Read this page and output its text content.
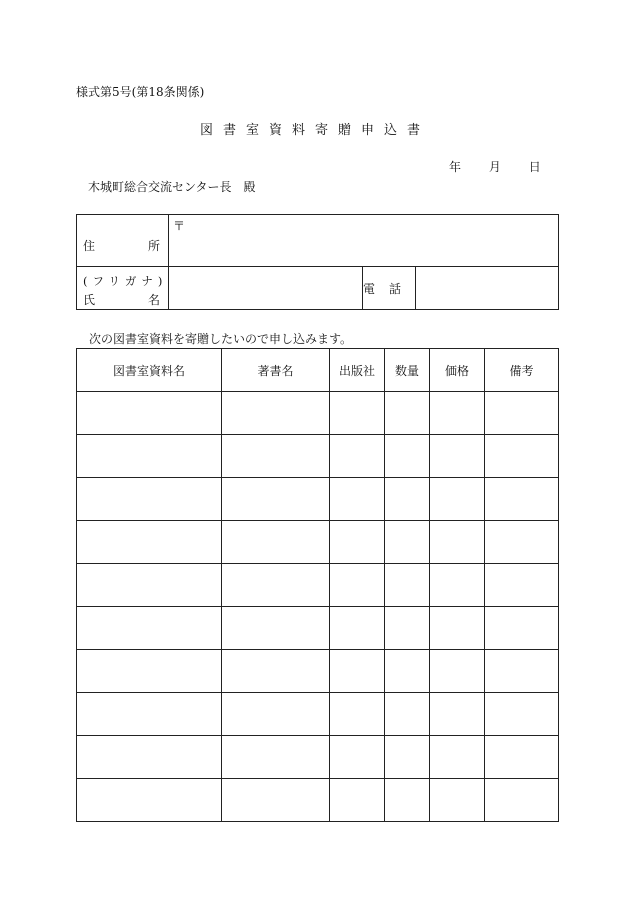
様式第5号(第18条関係)
図書室資料寄贈申込書
年 月 日
木城町総合交流センター長　殿
住 所	〒		

(フリガナ)
氏 名		電話	
次の図書室資料を寄贈したいので申し込みます。
図書室資料名	著書名	出版社	数量	価格	備考
